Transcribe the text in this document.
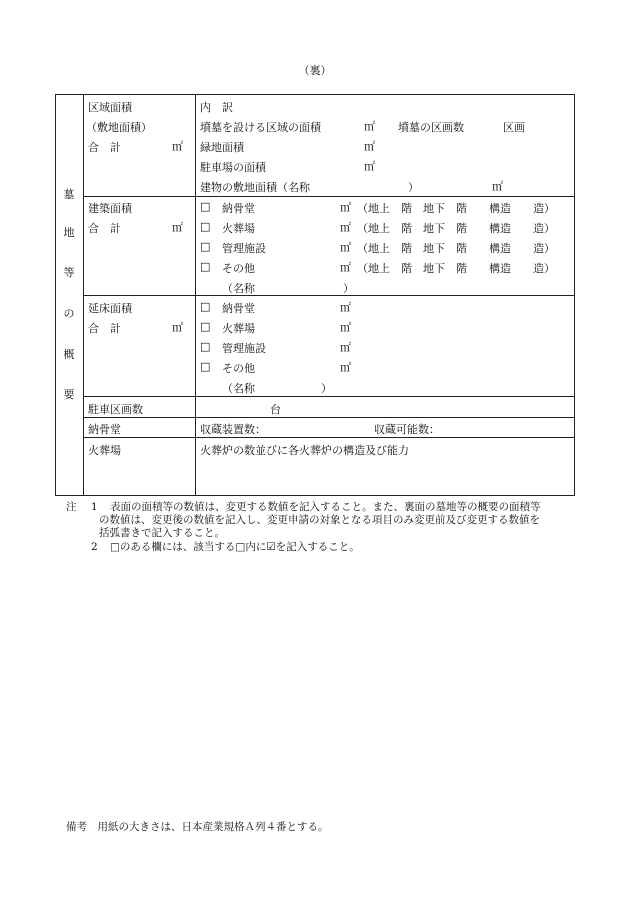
（裏）
墓
地
等
の
概
要
区域面積
（敷地面積）
合　計	㎡
内　訳
墳墓を設ける区域の面積	㎡ 墳墓の区画数	区画
緑地面積	㎡
駐車場の面積	㎡
建物の敷地面積（名称	）	㎡
建築面積
合　計	㎡
□ 納骨堂	㎡ （地上　階　地下　階　　構造　　造）
□ 火葬場	㎡ （地上　階　地下　階　　構造　　造）
□ 管理施設	㎡ （地上　階　地下　階　　構造　　造）
□ その他	㎡ （地上　階　地下　階　　構造　　造）
（名称　　　　　　　　）
延床面積
合　計	㎡
□ 納骨堂	㎡
□ 火葬場	㎡
□ 管理施設	㎡
□ その他	㎡
（名称　　　　　　）
駐車区画数	台
納骨堂	収蔵装置数：	収蔵可能数：
火葬場	火葬炉の数並びに各火葬炉の構造及び能力
注 1 表面の面積等の数値は、変更する数値を記入すること。また、裏面の墓地等の概要の面積等
の数値は、変更後の数値を記入し、変更申請の対象となる項目のみ変更前及び変更する数値を
括弧書きで記入すること。
2 □のある欄には、該当する□内に☑を記入すること。
備考　用紙の大きさは、日本産業規格Ａ列４番とする。
